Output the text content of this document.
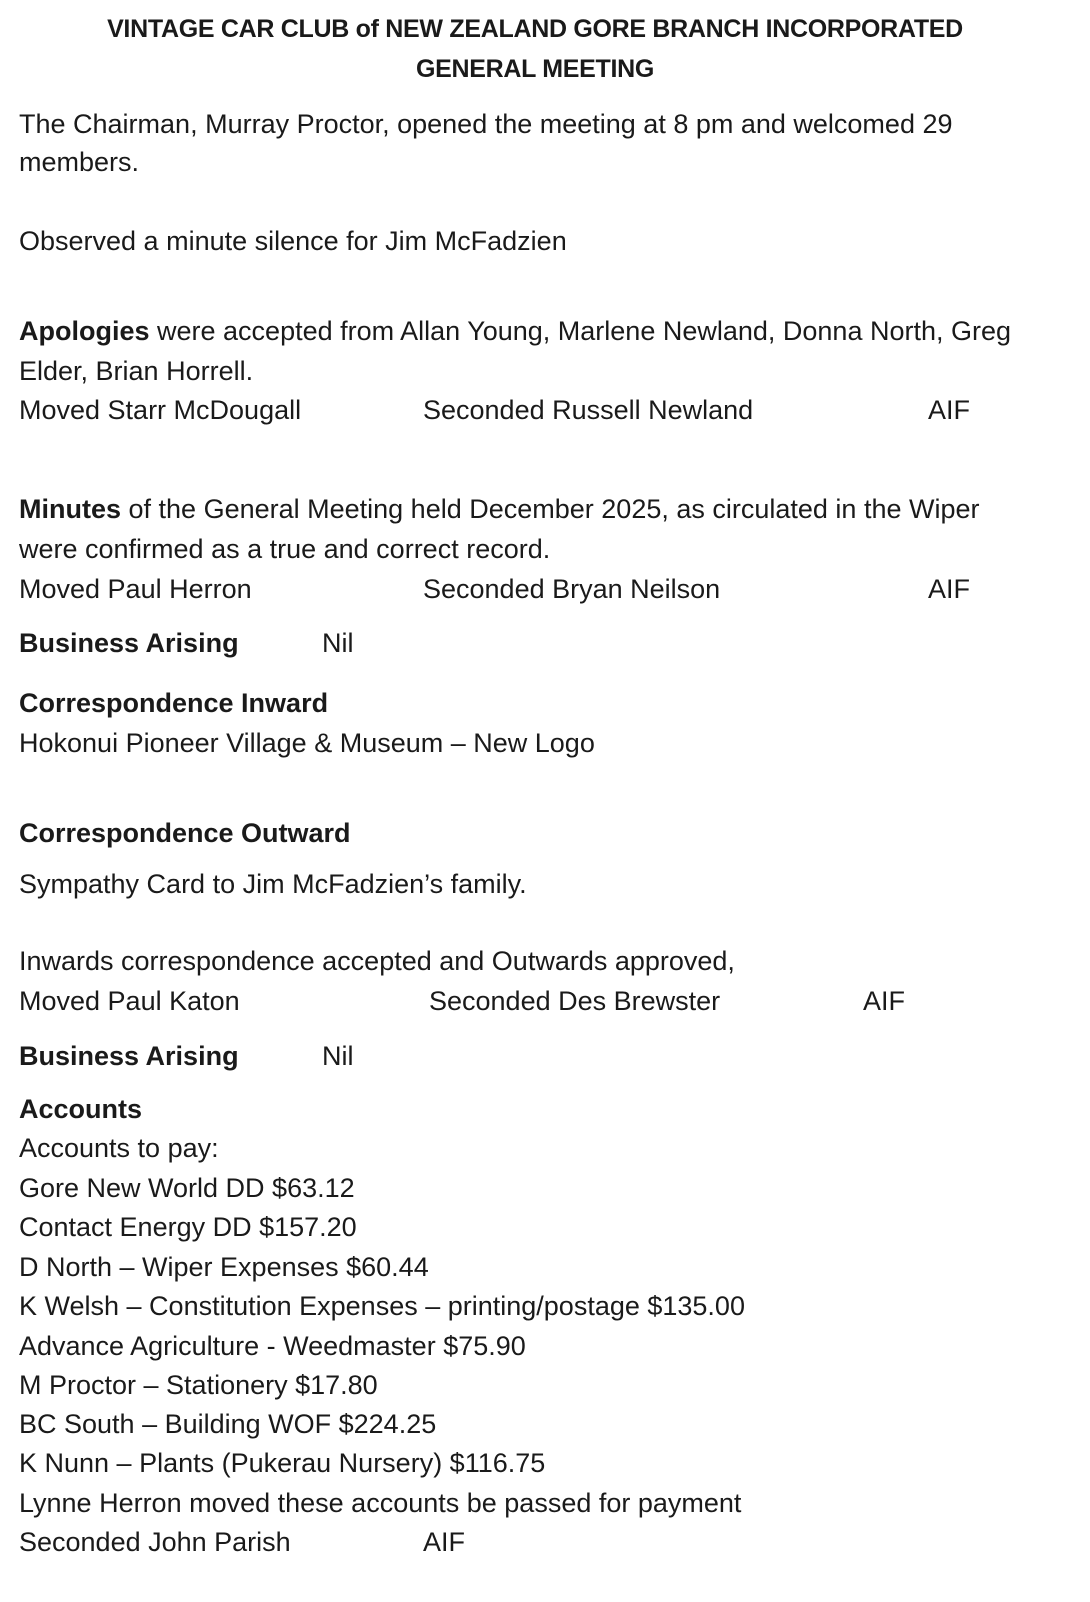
VINTAGE CAR CLUB of NEW ZEALAND GORE BRANCH INCORPORATED
GENERAL MEETING
The Chairman, Murray Proctor, opened the meeting at 8 pm and welcomed 29
members.
Observed a minute silence for Jim McFadzien
Apologies were accepted from Allan Young, Marlene Newland, Donna North, Greg
Elder, Brian Horrell.
Moved Starr McDougall	Seconded Russell Newland	AIF
Minutes of the General Meeting held December 2025, as circulated in the Wiper
were confirmed as a true and correct record.
Moved Paul Herron	Seconded Bryan Neilson	AIF
Business Arising	Nil
Correspondence Inward
Hokonui Pioneer Village & Museum – New Logo
Correspondence Outward
Sympathy Card to Jim McFadzien’s family.
Inwards correspondence accepted and Outwards approved,
Moved Paul Katon	Seconded Des Brewster	AIF
Business Arising	Nil
Accounts
Accounts to pay:
Gore New World DD $63.12
Contact Energy DD $157.20
D North – Wiper Expenses $60.44
K Welsh – Constitution Expenses – printing/postage $135.00
Advance Agriculture - Weedmaster $75.90
M Proctor – Stationery $17.80
BC South – Building WOF $224.25
K Nunn – Plants (Pukerau Nursery) $116.75
Lynne Herron moved these accounts be passed for payment
Seconded John Parish	AIF
